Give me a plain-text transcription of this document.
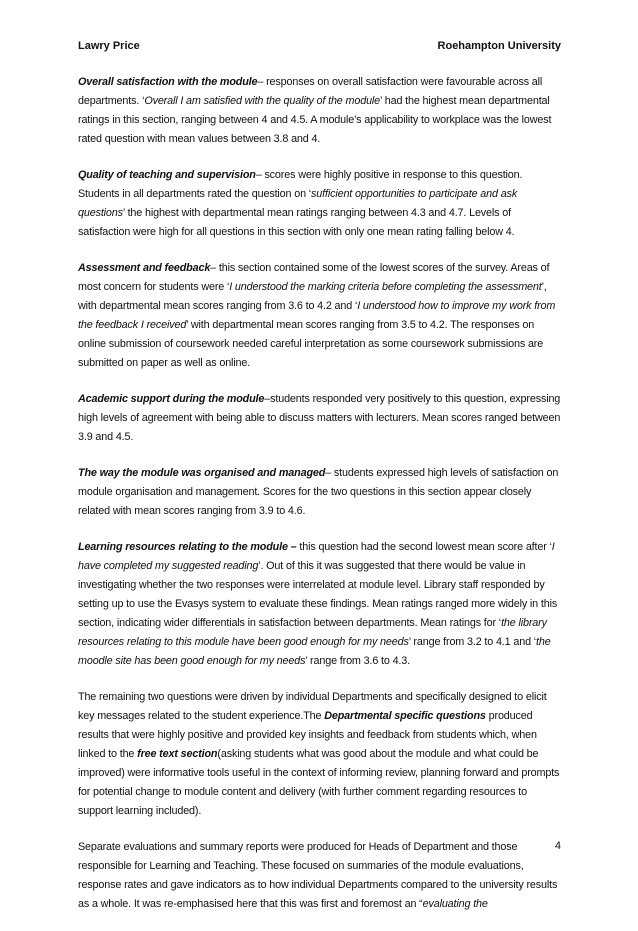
Lawry Price	Roehampton University

Overall satisfaction with the module– responses on overall satisfaction were favourable across all departments. ‘Overall I am satisfied with the quality of the module’ had the highest mean departmental ratings in this section, ranging between 4 and 4.5. A module’s applicability to workplace was the lowest rated question with mean values between 3.8 and 4.

Quality of teaching and supervision– scores were highly positive in response to this question. Students in all departments rated the question on ‘sufficient opportunities to participate and ask questions’ the highest with departmental mean ratings ranging between 4.3 and 4.7. Levels of satisfaction were high for all questions in this section with only one mean rating falling below 4.

Assessment and feedback– this section contained some of the lowest scores of the survey. Areas of most concern for students were ‘I understood the marking criteria before completing the assessment’, with departmental mean scores ranging from 3.6 to 4.2 and ‘I understood how to improve my work from the feedback I received’ with departmental mean scores ranging from 3.5 to 4.2. The responses on online submission of coursework needed careful interpretation as some coursework submissions are submitted on paper as well as online.

Academic support during the module–students responded very positively to this question, expressing high levels of agreement with being able to discuss matters with lecturers. Mean scores ranged between 3.9 and 4.5.

The way the module was organised and managed– students expressed high levels of satisfaction on module organisation and management. Scores for the two questions in this section appear closely related with mean scores ranging from 3.9 to 4.6.

Learning resources relating to the module – this question had the second lowest mean score after ‘I have completed my suggested reading’. Out of this it was suggested that there would be value in investigating whether the two responses were interrelated at module level. Library staff responded by setting up to use the Evasys system to evaluate these findings. Mean ratings ranged more widely in this section, indicating wider differentials in satisfaction between departments. Mean ratings for ‘the library resources relating to this module have been good enough for my needs’ range from 3.2 to 4.1 and ‘the moodle site has been good enough for my needs’ range from 3.6 to 4.3.

The remaining two questions were driven by individual Departments and specifically designed to elicit key messages related to the student experience.The Departmental specific questions produced results that were highly positive and provided key insights and feedback from students which, when linked to the free text section(asking students what was good about the module and what could be improved) were informative tools useful in the context of informing review, planning forward and prompts for potential change to module content and delivery (with further comment regarding resources to support learning included).

Separate evaluations and summary reports were produced for Heads of Department and those responsible for Learning and Teaching. These focused on summaries of the module evaluations, response rates and gave indicators as to how individual Departments compared to the university results as a whole. It was re-emphasised here that this was first and foremost an “evaluating the

4
